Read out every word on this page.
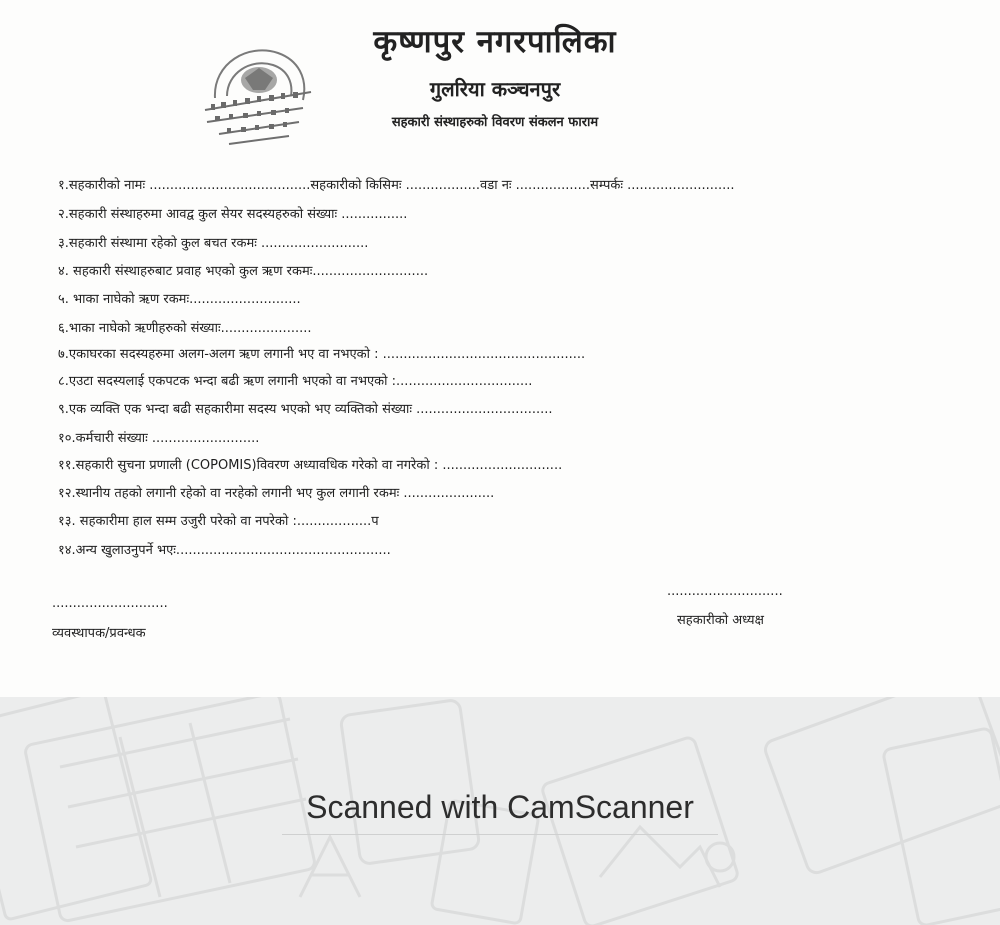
कृष्णपुर नगरपालिका
गुलरिया कञ्चनपुर
सहकारी संस्थाहरुको विवरण संकलन फाराम
१.सहकारीको नामः .......................................सहकारीको किसिमः ..................वडा नः ..................सम्पर्कः ..........................
२.सहकारी संस्थाहरुमा आवद्व कुल सेयर सदस्यहरुको संख्याः ................
३.सहकारी संस्थामा रहेको कुल बचत रकमः ..........................
४. सहकारी संस्थाहरुबाट प्रवाह भएको कुल ऋण रकमः............................
५. भाका नाघेको ऋण रकमः...........................
६.भाका नाघेको ऋणीहरुको संख्याः......................
७.एकाघरका सदस्यहरुमा अलग-अलग ऋण लगानी भए वा नभएको : .................................................
८.एउटा सदस्यलाई एकपटक भन्दा बढी ऋण लगानी भएको वा नभएको :.................................
९.एक व्यक्ति एक भन्दा बढी सहकारीमा सदस्य भएको भए व्यक्तिको संख्याः .................................
१०.कर्मचारी संख्याः ..........................
११.सहकारी सुचना प्रणाली (COPOMIS)विवरण अध्यावधिक गरेको वा नगरेको : .............................
१२.स्थानीय तहको लगानी रहेको वा नरहेको लगानी भए कुल लगानी रकमः ......................
१३. सहकारीमा हाल सम्म उजुरी परेको वा नपरेको :..................प
१४.अन्य खुलाउनुपर्ने भएः....................................................
............................
व्यवस्थापक/प्रवन्धक
............................
सहकारीको अध्यक्ष
Scanned with CamScanner
